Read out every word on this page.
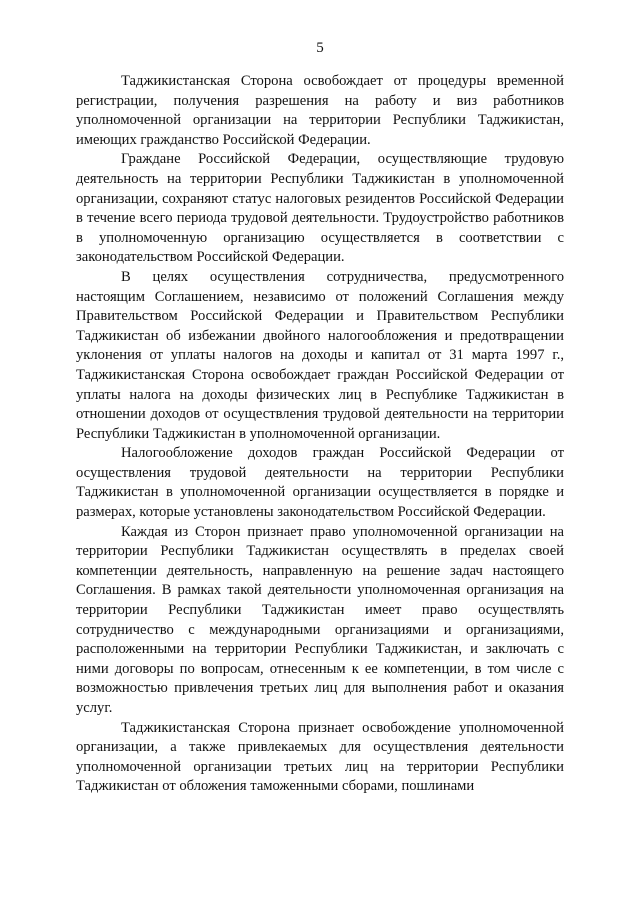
5

Таджикистанская Сторона освобождает от процедуры временной регистрации, получения разрешения на работу и виз работников уполномоченной организации на территории Республики Таджикистан, имеющих гражданство Российской Федерации.

Граждане Российской Федерации, осуществляющие трудовую деятельность на территории Республики Таджикистан в уполномоченной организации, сохраняют статус налоговых резидентов Российской Федерации в течение всего периода трудовой деятельности. Трудоустройство работников в уполномоченную организацию осуществляется в соответствии с законодательством Российской Федерации.

В целях осуществления сотрудничества, предусмотренного настоящим Соглашением, независимо от положений Соглашения между Правительством Российской Федерации и Правительством Республики Таджикистан об избежании двойного налогообложения и предотвращении уклонения от уплаты налогов на доходы и капитал от 31 марта 1997 г., Таджикистанская Сторона освобождает граждан Российской Федерации от уплаты налога на доходы физических лиц в Республике Таджикистан в отношении доходов от осуществления трудовой деятельности на территории Республики Таджикистан в уполномоченной организации.

Налогообложение доходов граждан Российской Федерации от осуществления трудовой деятельности на территории Республики Таджикистан в уполномоченной организации осуществляется в порядке и размерах, которые установлены законодательством Российской Федерации.

Каждая из Сторон признает право уполномоченной организации на территории Республики Таджикистан осуществлять в пределах своей компетенции деятельность, направленную на решение задач настоящего Соглашения. В рамках такой деятельности уполномоченная организация на территории Республики Таджикистан имеет право осуществлять сотрудничество с международными организациями и организациями, расположенными на территории Республики Таджикистан, и заключать с ними договоры по вопросам, отнесенным к ее компетенции, в том числе с возможностью привлечения третьих лиц для выполнения работ и оказания услуг.

Таджикистанская Сторона признает освобождение уполномоченной организации, а также привлекаемых для осуществления деятельности уполномоченной организации третьих лиц на территории Республики Таджикистан от обложения таможенными сборами, пошлинами
